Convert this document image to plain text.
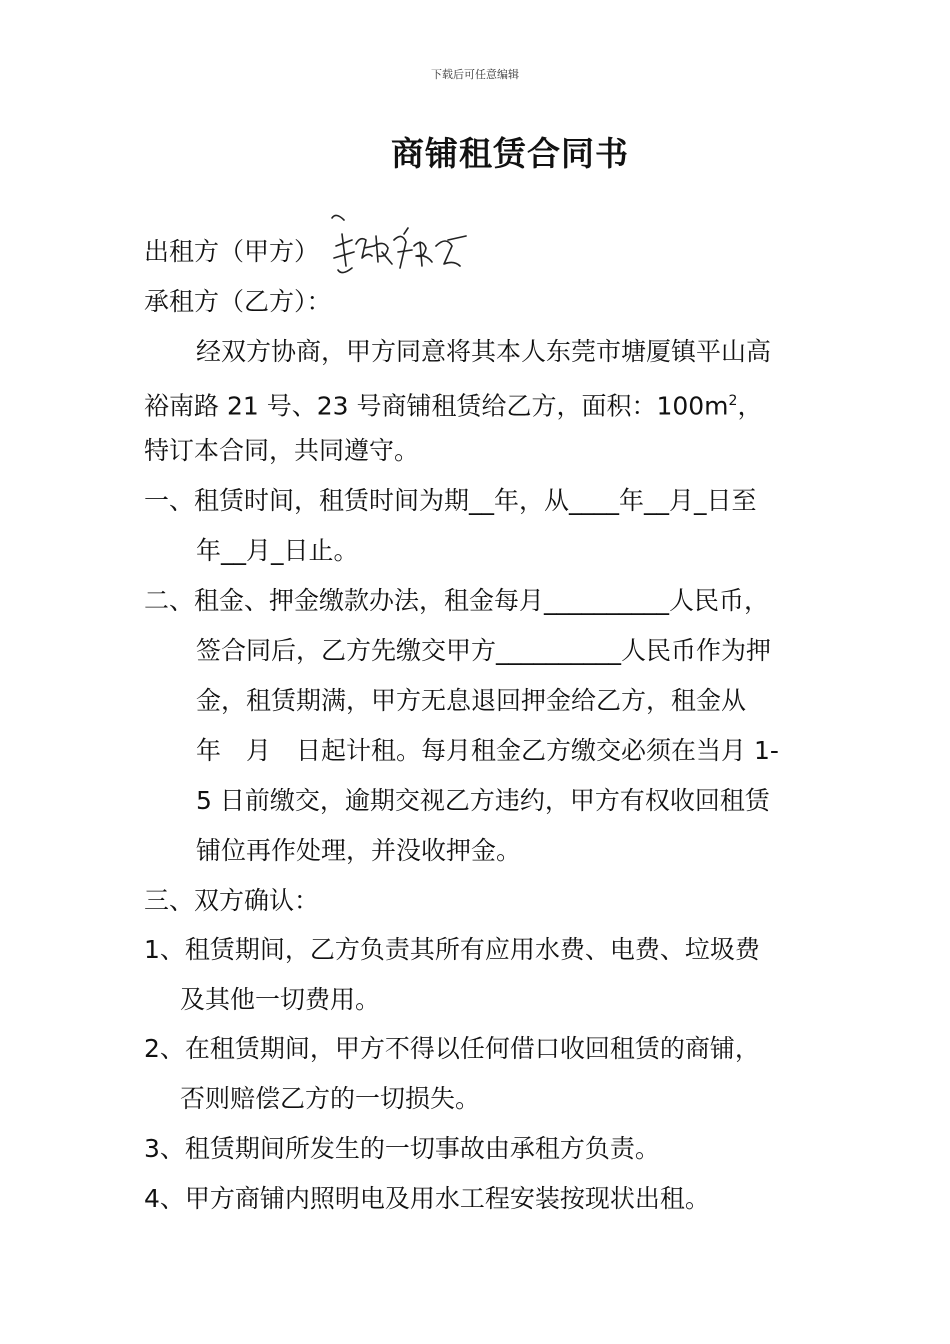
下载后可任意编辑
商铺租赁合同书
出租方（甲方）
承租方（乙方）：
经双方协商，甲方同意将其本人东莞市塘厦镇平山高
裕南路 21 号、23 号商铺租赁给乙方，面积：$100m^2$，
特订本合同，共同遵守。
一、租赁时间，租赁时间为期__年，从____年__月_日至
年__月_日止。
二、租金、押金缴款办法，租金每月__________人民币，
签合同后，乙方先缴交甲方__________人民币作为押
金，租赁期满，甲方无息退回押金给乙方，租金从
年　月　日起计租。每月租金乙方缴交必须在当月 1-
5 日前缴交，逾期交视乙方违约，甲方有权收回租赁
铺位再作处理，并没收押金。
三、双方确认：
1、租赁期间，乙方负责其所有应用水费、电费、垃圾费
及其他一切费用。
2、在租赁期间，甲方不得以任何借口收回租赁的商铺，
否则赔偿乙方的一切损失。
3、租赁期间所发生的一切事故由承租方负责。
4、甲方商铺内照明电及用水工程安装按现状出租。
